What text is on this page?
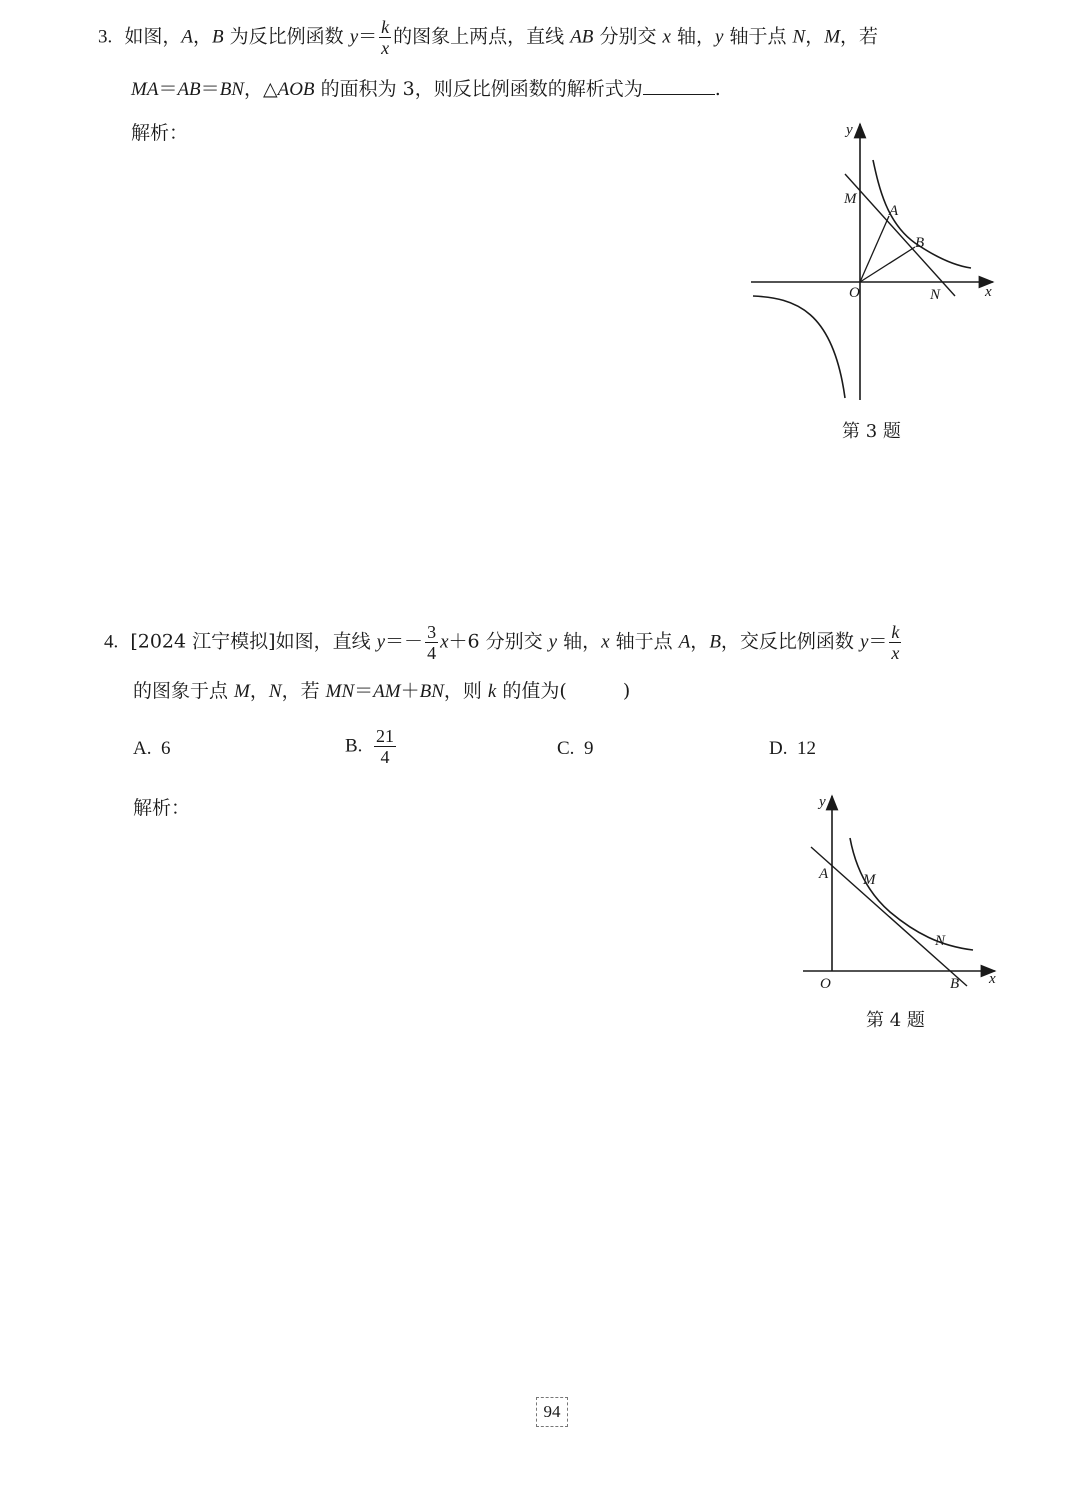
3. 如图，A，B 为反比例函数 $y= \frac{k}{x}$ 的图象上两点，直线 AB 分别交 x 轴，y 轴于点 N，M，若
MA＝AB＝BN，△AOB 的面积为 3，则反比例函数的解析式为	.
解析：	y
M
A
B
O	N	x
第 3 题
4. [2024 江宁模拟]如图，直线 $y=- \frac{3}{4} x+6$ 分别交 y 轴，x 轴于点 A，B，交反比例函数 $y= \frac{k}{x}$
的图象于点 M，N，若 MN＝AM＋BN，则 k 的值为(	)
A. 6	B. $\frac{21}{4}$	C. 9	D. 12
解析：	y
A M
N
O	B x
第 4 题
94
